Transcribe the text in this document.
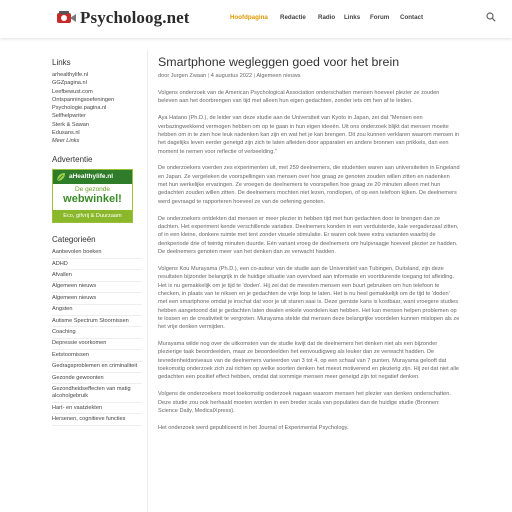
Psycholoog.net	Hoofdpagina Redactie Radio Links Forum Contact
Links
arhealthylife.nl
GGZpagina.nl
Leefbewust.com
Ontspanningsoefeningen
Psychologie.pagina.nl
Selfhelpwriter
Sterk & Sawan
Edusans.nl
Meer Links
Advertentie
aHealthylife.nl
De gezonde
webwinkel!
Eco, gifvrij & Duurzaam
Categorieën
Aanbevolen boeken
ADHD
Afvallen
Algemeen nieuws
Algemeen nieuws
Angsten
Autisme Spectrum Stoornissen
Coaching
Depressie voorkomen
Eetstoornissen
Gedragsproblemen en criminaliteit
Gezonde gewoonten
Gezondheidseffecten van matig alcoholgebruik
Hart- en vaatziekten
Hersenen, cognitieve functies
Smartphone wegleggen goed voor het brein
door Jurgen Zwaan | 4 augustus 2022 | Algemeen nieuws

Volgens onderzoek van de American Psychological Association onderschatten mensen hoeveel plezier ze zouden beleven aan het doorbrengen van tijd met alleen hun eigen gedachten, zonder iets om hen af te leiden.

Aya Hatano (Ph.D.), de leider van deze studie aan de Universiteit van Kyoto in Japan, zei dat "Mensen een verbazingwekkend vermogen hebben om op te gaan in hun eigen ideeën. Uit ons onderzoek blijkt dat mensen moeite hebben om in te zien hoe leuk nadenken kan zijn en wat het je kan brengen. Dit zou kunnen verklaren waarom mensen in het dagelijks leven eerder geneigd zijn zich te laten afleiden door apparaten en andere bronnen van prikkels, dan een moment te nemen voor reflectie of verbeelding."

De onderzoekers voerden zes experimenten uit, met 259 deelnemers, die studenten waren aan universiteiten in Engeland en Japan. Ze vergeleken de voorspellingen van mensen over hoe graag ze genoten zouden willen zitten en nadenken met hun werkelijke ervaringen. Ze vroegen de deelnemers te voorspellen hoe graag ze 20 minuten alleen met hun gedachten zouden willen zitten. De deelnemers mochten niet lezen, rondlopen, of op een telefoon kijken. De deelnemers werd gevraagd te rapporteren hoeveel ze van de oefening genoten.

De onderzoekers ontdekten dat mensen er meer plezier in hebben tijd met hun gedachten door te brengen dan ze dachten. Het experiment kende verschillende variaties. Deelnemers konden in een verduisterde, kale vergaderzaal zitten, of in een kleine, donkere ruimte met tent zonder visuele stimulatie. Er waren ook twee extra varianten waarbij de denkperiode drie of twintig minuten duurde. Eén variant vroeg de deelnemers om hulpvraagje hoeveel plezier ze hadden. De deelnemers genoten meer van het denken dan ze verwacht hadden.

Volgens Kou Murayama (Ph.D.), een co-auteur van de studie aan de Universiteit van Tubingen, Duitsland, zijn deze resultaten bijzonder belangrijk in de huidige situatie van overvloed aan informatie en voortdurende toegang tot afleiding. Het is nu gemakkelijk om je tijd te 'doden'. Hij zei dat de meesten mensen een buurt gebruiken om hun telefoon te checken, in plaats van te niksen en je gedachten de vrije loop te laten. Het is nu heel gemakkelijk om de tijd te 'doden' met een smartphone omdat je inschat dat voor je uit staren saai is. Deze gemiste kans is kostbaar, want vroegere studies hebben aangetoond dat je gedachten laten dwalen enkele voordelen kan hebben. Het kan mensen helpen problemen op te lossen en de creativiteit te vergroten. Murayama stelde dat mensen deze belangrijke voordelen kunnen mislopen als ze het vrije denken vermijden.

Murayama wilde nog over de uitkomsten van de studie kwijt dat de deelnemers het denken niet als een bijzonder plezierige taak beoordeelden, maar ze beoordeelden het eenvoudigweg als leuker dan ze verwacht hadden. De tevredenheidsniveaus van de deelnemers varieerden van 3 tot 4, op een schaal van 7 punten. Murayama gelooft dat toekomstig onderzoek zich zal richten op welke soorten denken het meest motiverend en plezierig zijn. Hij zei dat niet alle gedachten een positief effect hebben, omdat dat sommige mensen meer geneigd zijn tot negatief denken.

Volgens de onderzoekers moet toekomstig onderzoek nagaan waarom mensen het plezier van denken onderschatten. Deze studie zou ook herhaald moeten worden in een breder scala van populaties dan de huidige studie (Bronnen: Science Daily, MedicalXpress).

Het onderzoek werd gepubliceerd in het Journal of Experimental Psychology.
